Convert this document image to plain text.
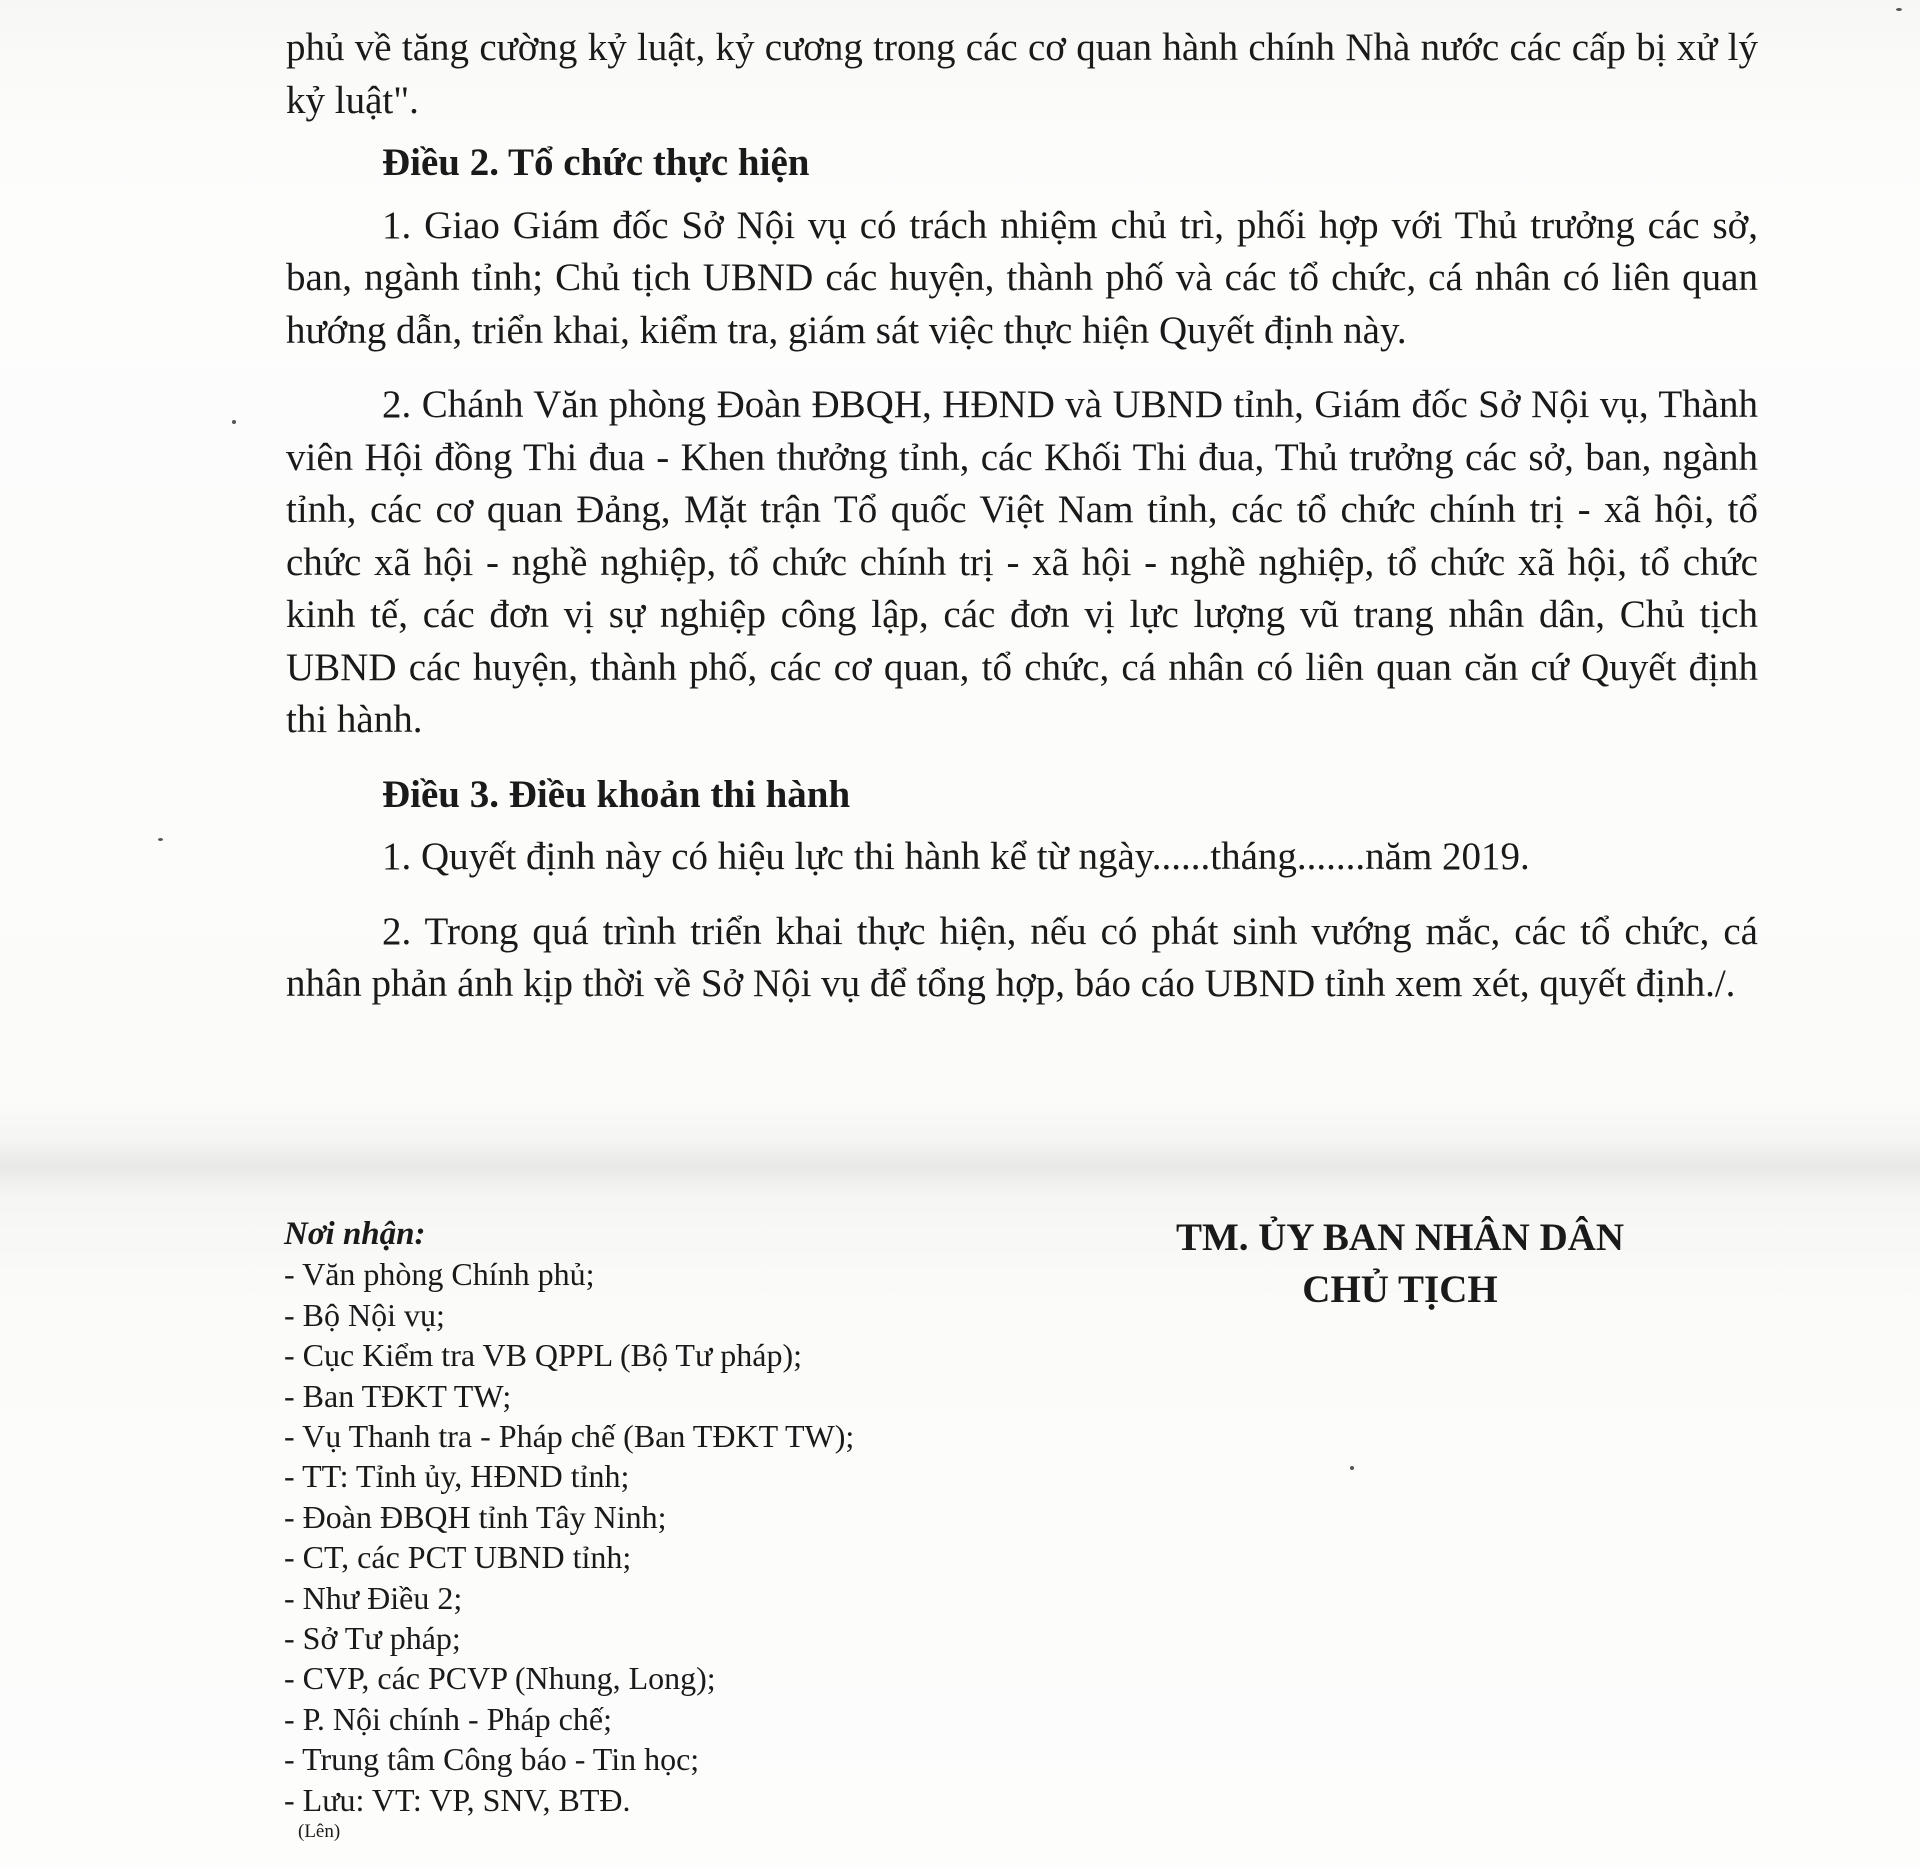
phủ về tăng cường kỷ luật, kỷ cương trong các cơ quan hành chính Nhà nước các cấp bị xử lý kỷ luật".

Điều 2. Tổ chức thực hiện

1. Giao Giám đốc Sở Nội vụ có trách nhiệm chủ trì, phối hợp với Thủ trưởng các sở, ban, ngành tỉnh; Chủ tịch UBND các huyện, thành phố và các tổ chức, cá nhân có liên quan hướng dẫn, triển khai, kiểm tra, giám sát việc thực hiện Quyết định này.

2. Chánh Văn phòng Đoàn ĐBQH, HĐND và UBND tỉnh, Giám đốc Sở Nội vụ, Thành viên Hội đồng Thi đua - Khen thưởng tỉnh, các Khối Thi đua, Thủ trưởng các sở, ban, ngành tỉnh, các cơ quan Đảng, Mặt trận Tổ quốc Việt Nam tỉnh, các tổ chức chính trị - xã hội, tổ chức xã hội - nghề nghiệp, tổ chức chính trị - xã hội - nghề nghiệp, tổ chức xã hội, tổ chức kinh tế, các đơn vị sự nghiệp công lập, các đơn vị lực lượng vũ trang nhân dân, Chủ tịch UBND các huyện, thành phố, các cơ quan, tổ chức, cá nhân có liên quan căn cứ Quyết định thi hành.

Điều 3. Điều khoản thi hành

1. Quyết định này có hiệu lực thi hành kể từ ngày......tháng.......năm 2019.

2. Trong quá trình triển khai thực hiện, nếu có phát sinh vướng mắc, các tổ chức, cá nhân phản ánh kịp thời về Sở Nội vụ để tổng hợp, báo cáo UBND tỉnh xem xét, quyết định./.

Nơi nhận:
- Văn phòng Chính phủ;
- Bộ Nội vụ;
- Cục Kiểm tra VB QPPL (Bộ Tư pháp);
- Ban TĐKT TW;
- Vụ Thanh tra - Pháp chế (Ban TĐKT TW);
- TT: Tỉnh ủy, HĐND tỉnh;
- Đoàn ĐBQH tỉnh Tây Ninh;
- CT, các PCT UBND tỉnh;
- Như Điều 2;
- Sở Tư pháp;
- CVP, các PCVP (Nhung, Long);
- P. Nội chính - Pháp chế;
- Trung tâm Công báo - Tin học;
- Lưu: VT: VP, SNV, BTĐ.
(Lên)
TM. ỦY BAN NHÂN DÂN
CHỦ TỊCH
